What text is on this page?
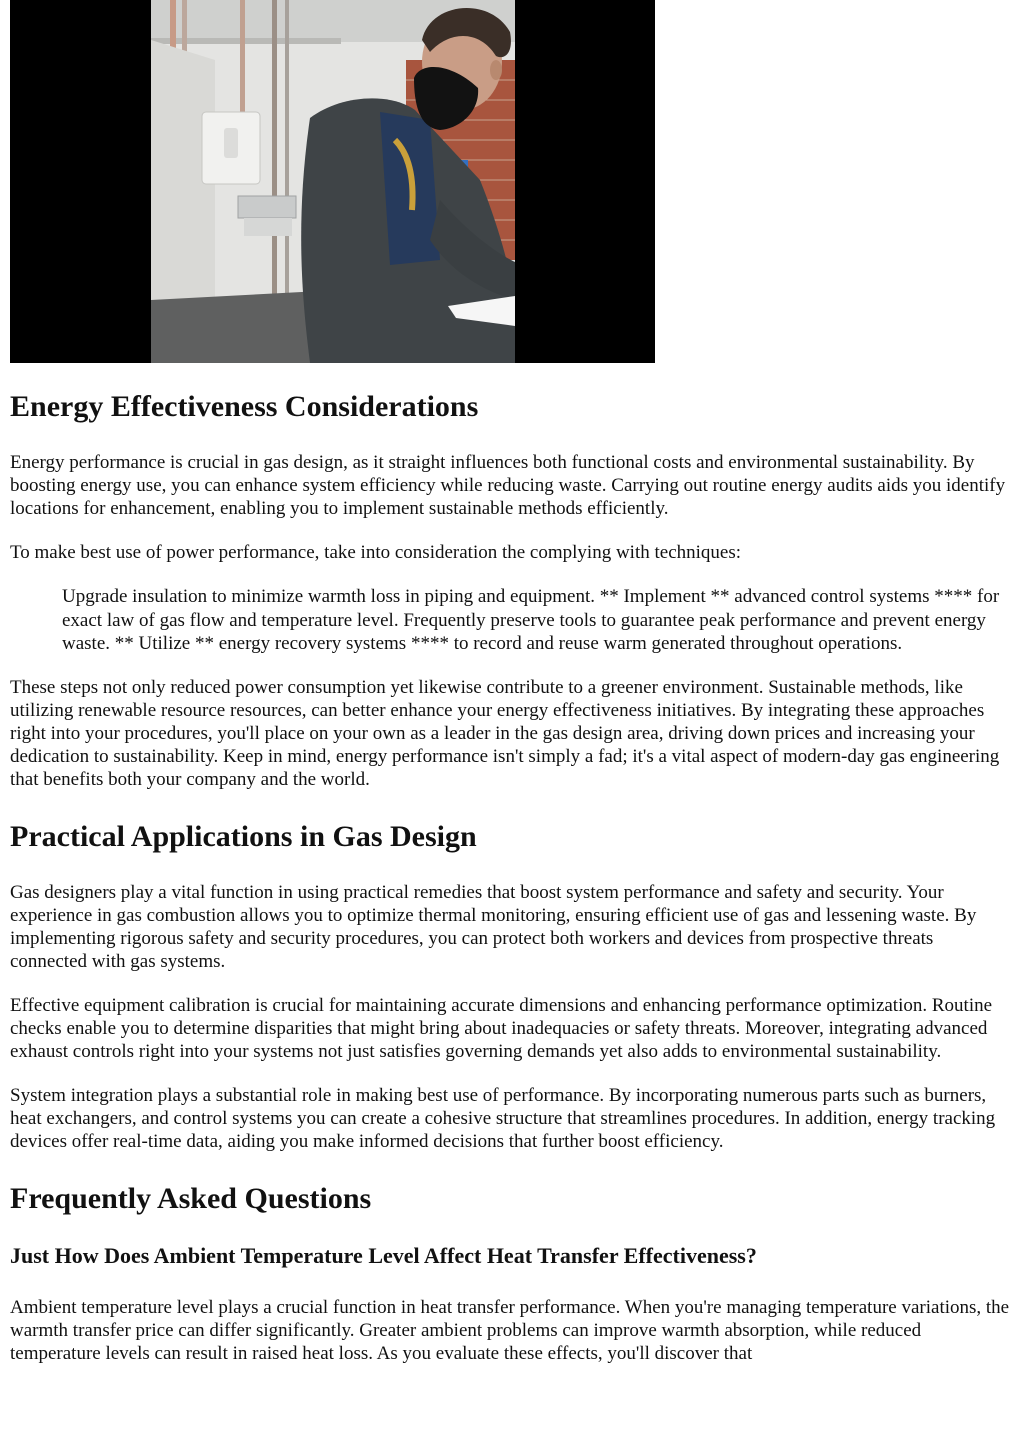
Energy Effectiveness Considerations

Energy performance is crucial in gas design, as it straight influences both functional costs and environmental sustainability. By boosting energy use, you can enhance system efficiency while reducing waste. Carrying out routine energy audits aids you identify locations for enhancement, enabling you to implement sustainable methods efficiently.

To make best use of power performance, take into consideration the complying with techniques:

Upgrade insulation to minimize warmth loss in piping and equipment. ** Implement ** advanced control systems **** for exact law of gas flow and temperature level. Frequently preserve tools to guarantee peak performance and prevent energy waste. ** Utilize ** energy recovery systems **** to record and reuse warm generated throughout operations.

These steps not only reduced power consumption yet likewise contribute to a greener environment. Sustainable methods, like utilizing renewable resource resources, can better enhance your energy effectiveness initiatives. By integrating these approaches right into your procedures, you'll place on your own as a leader in the gas design area, driving down prices and increasing your dedication to sustainability. Keep in mind, energy performance isn't simply a fad; it's a vital aspect of modern-day gas engineering that benefits both your company and the world.

Practical Applications in Gas Design

Gas designers play a vital function in using practical remedies that boost system performance and safety and security. Your experience in gas combustion allows you to optimize thermal monitoring, ensuring efficient use of gas and lessening waste. By implementing rigorous safety and security procedures, you can protect both workers and devices from prospective threats connected with gas systems.

Effective equipment calibration is crucial for maintaining accurate dimensions and enhancing performance optimization. Routine checks enable you to determine disparities that might bring about inadequacies or safety threats. Moreover, integrating advanced exhaust controls right into your systems not just satisfies governing demands yet also adds to environmental sustainability.

System integration plays a substantial role in making best use of performance. By incorporating numerous parts such as burners, heat exchangers, and control systems you can create a cohesive structure that streamlines procedures. In addition, energy tracking devices offer real-time data, aiding you make informed decisions that further boost efficiency.

Frequently Asked Questions
Just How Does Ambient Temperature Level Affect Heat Transfer Effectiveness?

Ambient temperature level plays a crucial function in heat transfer performance. When you're managing temperature variations, the warmth transfer price can differ significantly. Greater ambient problems can improve warmth absorption, while reduced temperature levels can result in raised heat loss. As you evaluate these effects, you'll discover that
